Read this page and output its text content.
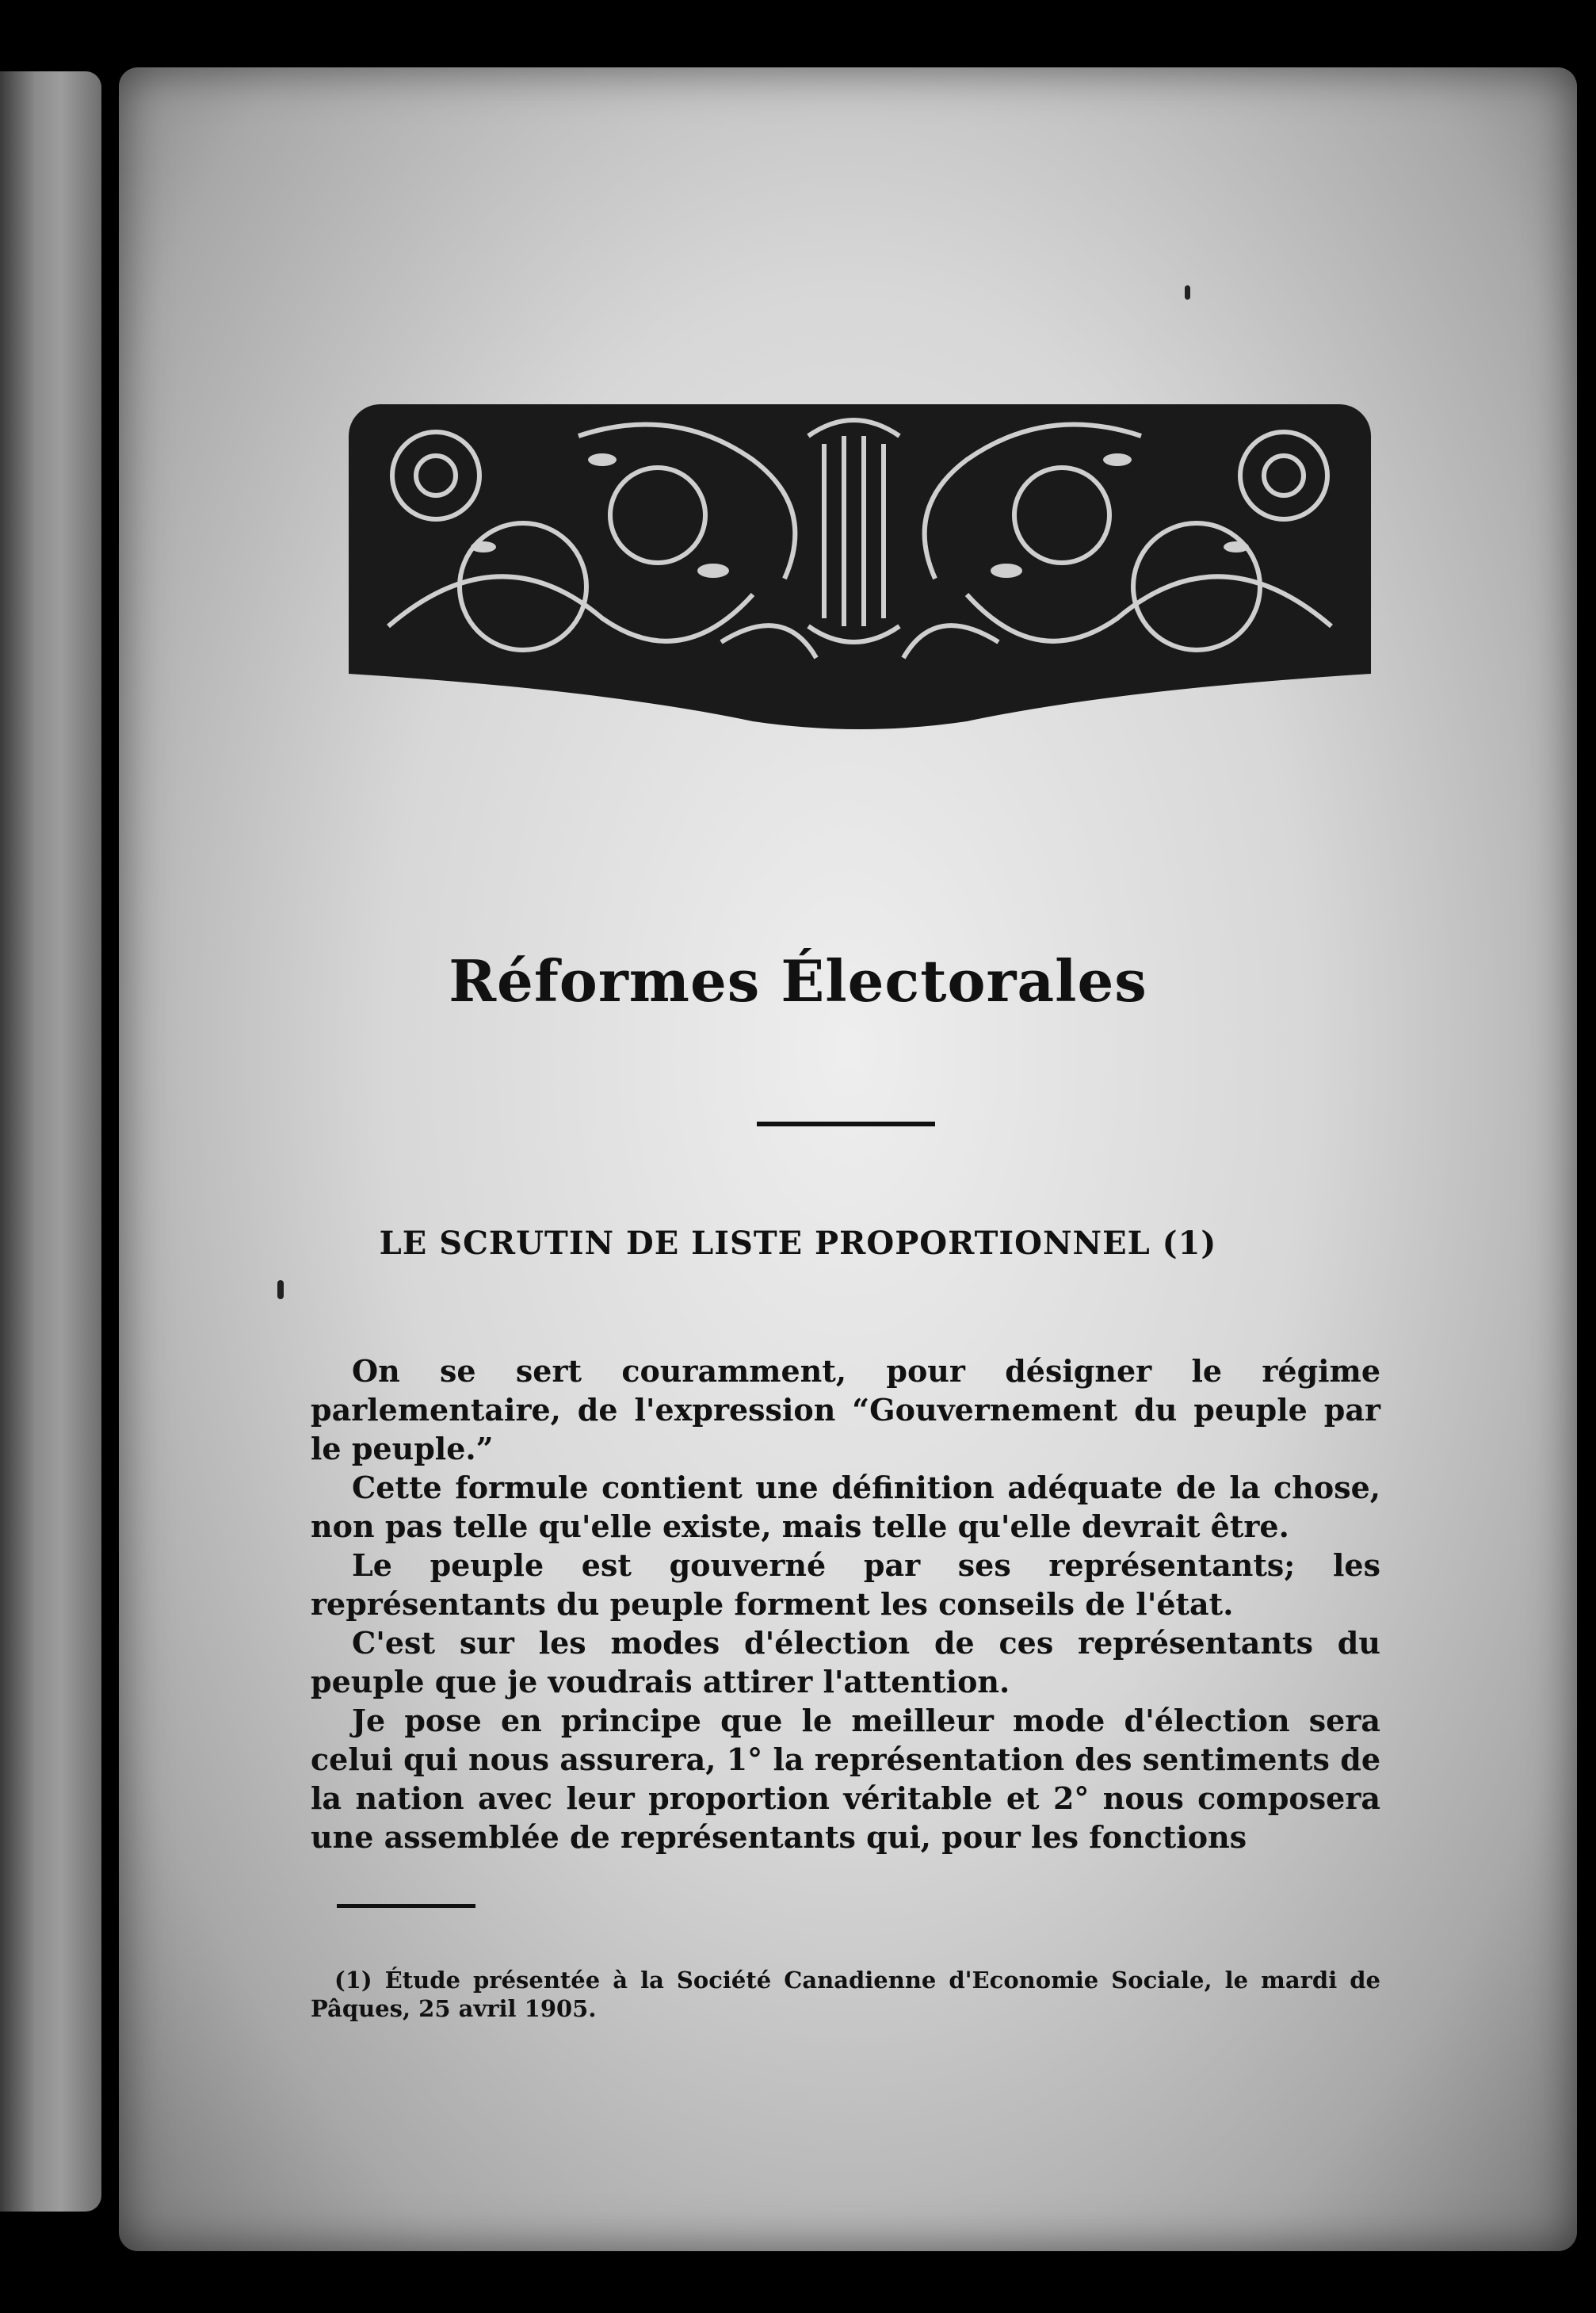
Réformes Électorales
LE SCRUTIN DE LISTE PROPORTIONNEL (1)

On se sert couramment, pour désigner le régime parlementaire, de l'expression “Gouvernement du peuple par le peuple.”

Cette formule contient une définition adéquate de la chose, non pas telle qu'elle existe, mais telle qu'elle devrait être.

Le peuple est gouverné par ses représentants; les représentants du peuple forment les conseils de l'état.

C'est sur les modes d'élection de ces représentants du peuple que je voudrais attirer l'attention.

Je pose en principe que le meilleur mode d'élection sera celui qui nous assurera, 1° la représentation des sentiments de la nation avec leur proportion véritable et 2° nous composera une assemblée de représentants qui, pour les fonctions

(1) Étude présentée à la Société Canadienne d'Economie Sociale, le mardi de Pâques, 25 avril 1905.
